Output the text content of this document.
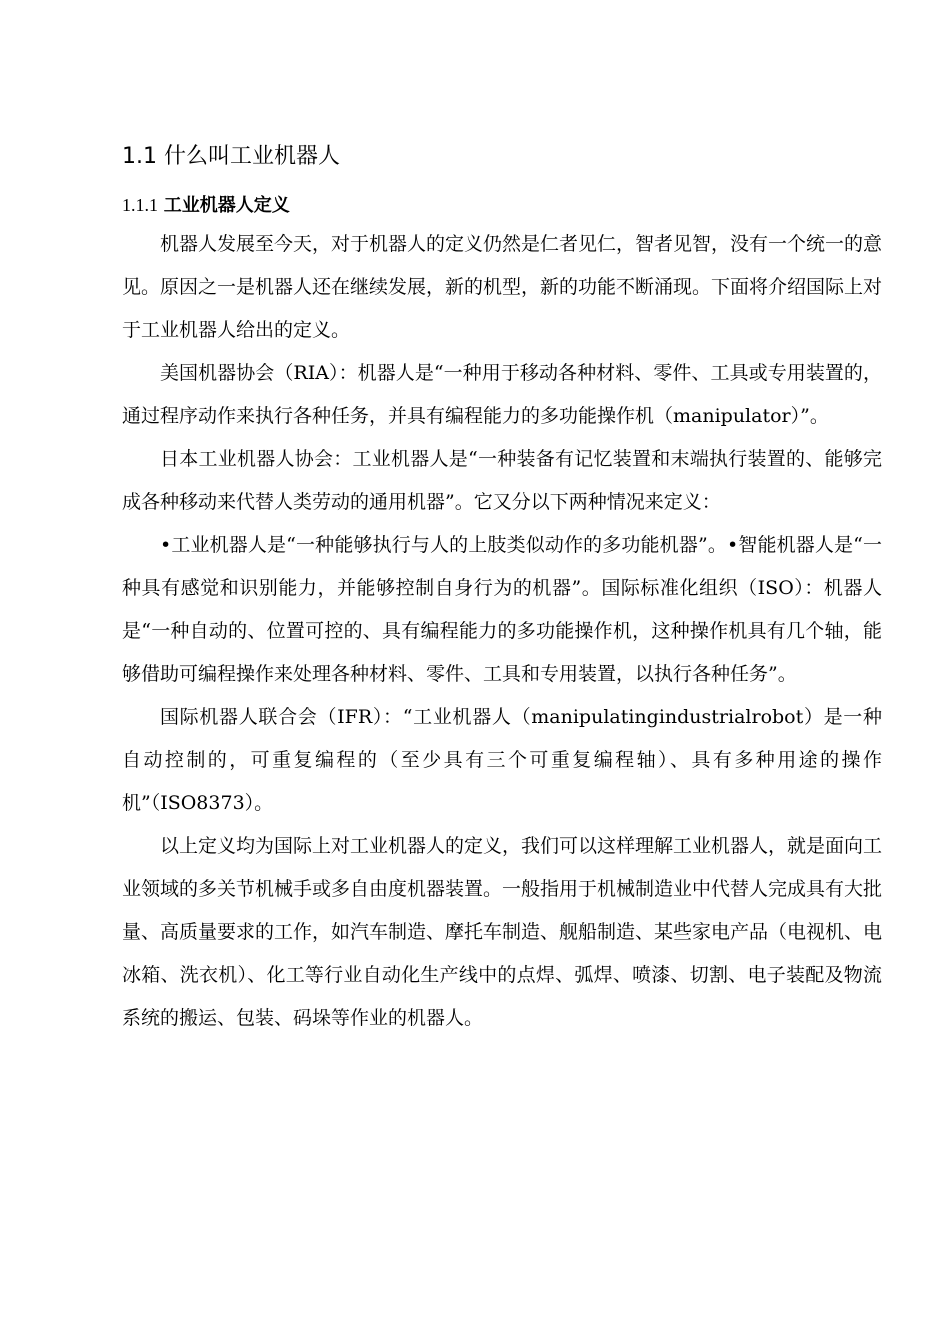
1.1 什么叫工业机器人
1.1.1 工业机器人定义

机器人发展至今天，对于机器人的定义仍然是仁者见仁，智者见智，没有一个统一的意见。原因之一是机器人还在继续发展，新的机型，新的功能不断涌现。下面将介绍国际上对于工业机器人给出的定义。

美国机器协会（RIA）：机器人是“一种用于移动各种材料、零件、工具或专用装置的，通过程序动作来执行各种任务，并具有编程能力的多功能操作机（manipulator）”。

日本工业机器人协会：工业机器人是“一种装备有记忆装置和末端执行装置的、能够完成各种移动来代替人类劳动的通用机器”。它又分以下两种情况来定义：

•工业机器人是“一种能够执行与人的上肢类似动作的多功能机器”。•智能机器人是“一种具有感觉和识别能力，并能够控制自身行为的机器”。国际标准化组织（ISO）：机器人是“一种自动的、位置可控的、具有编程能力的多功能操作机，这种操作机具有几个轴，能够借助可编程操作来处理各种材料、零件、工具和专用装置，以执行各种任务”。

国际机器人联合会（IFR）：“工业机器人（manipulatingindustrialrobot）是一种自动控制的，可重复编程的（至少具有三个可重复编程轴）、具有多种用途的操作机”（ISO8373）。

以上定义均为国际上对工业机器人的定义，我们可以这样理解工业机器人，就是面向工业领域的多关节机械手或多自由度机器装置。一般指用于机械制造业中代替人完成具有大批量、高质量要求的工作，如汽车制造、摩托车制造、舰船制造、某些家电产品（电视机、电冰箱、洗衣机）、化工等行业自动化生产线中的点焊、弧焊、喷漆、切割、电子装配及物流系统的搬运、包装、码垛等作业的机器人。
